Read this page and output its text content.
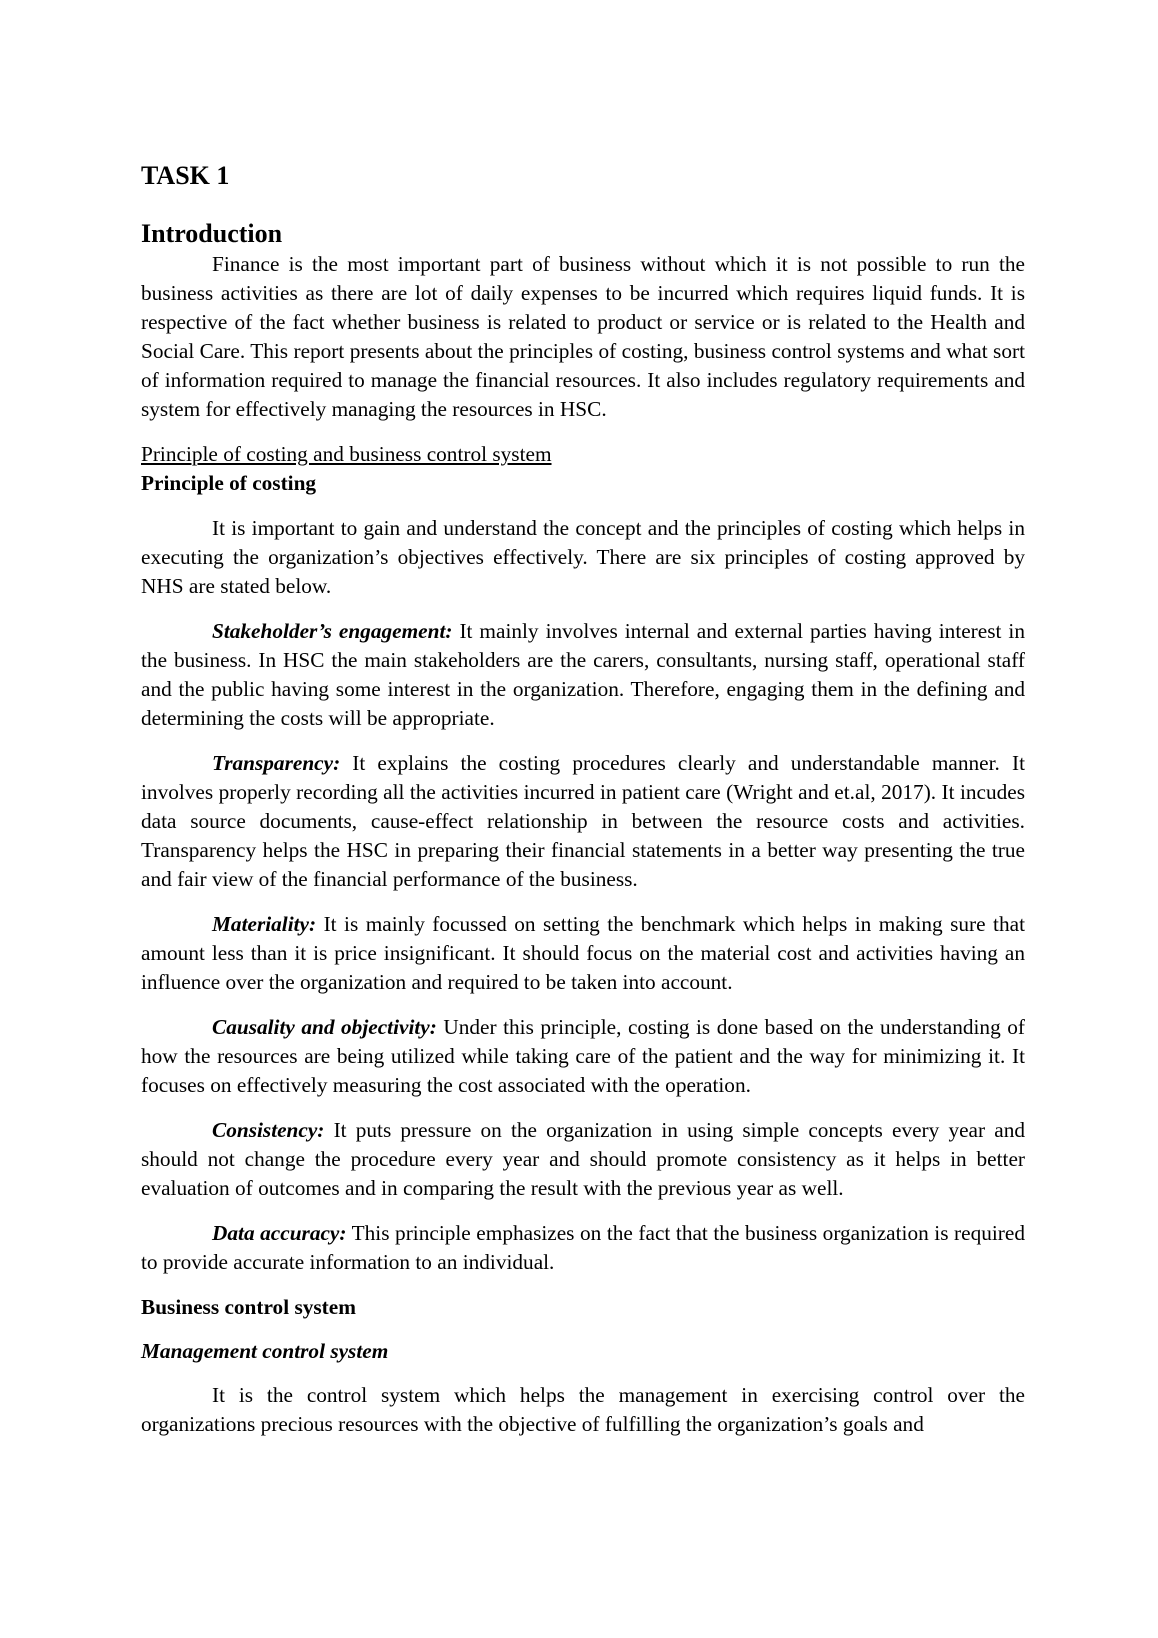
TASK 1
Introduction

Finance is the most important part of business without which it is not possible to run the business activities as there are lot of daily expenses to be incurred which requires liquid funds. It is respective of the fact whether business is related to product or service or is related to the Health and Social Care. This report presents about the principles of costing, business control systems and what sort of information required to manage the financial resources. It also includes regulatory requirements and system for effectively managing the resources in HSC.

Principle of costing and business control system
Principle of costing

It is important to gain and understand the concept and the principles of costing which helps in executing the organization’s objectives effectively. There are six principles of costing approved by NHS are stated below.

Stakeholder’s engagement: It mainly involves internal and external parties having interest in the business. In HSC the main stakeholders are the carers, consultants, nursing staff, operational staff and the public having some interest in the organization. Therefore, engaging them in the defining and determining the costs will be appropriate.

Transparency: It explains the costing procedures clearly and understandable manner. It involves properly recording all the activities incurred in patient care (Wright and et.al, 2017). It incudes data source documents, cause-effect relationship in between the resource costs and activities. Transparency helps the HSC in preparing their financial statements in a better way presenting the true and fair view of the financial performance of the business.

Materiality: It is mainly focussed on setting the benchmark which helps in making sure that amount less than it is price insignificant. It should focus on the material cost and activities having an influence over the organization and required to be taken into account.

Causality and objectivity: Under this principle, costing is done based on the understanding of how the resources are being utilized while taking care of the patient and the way for minimizing it. It focuses on effectively measuring the cost associated with the operation.

Consistency: It puts pressure on the organization in using simple concepts every year and should not change the procedure every year and should promote consistency as it helps in better evaluation of outcomes and in comparing the result with the previous year as well.

Data accuracy: This principle emphasizes on the fact that the business organization is required to provide accurate information to an individual.

Business control system
Management control system

It is the control system which helps the management in exercising control over the organizations precious resources with the objective of fulfilling the organization’s goals and
